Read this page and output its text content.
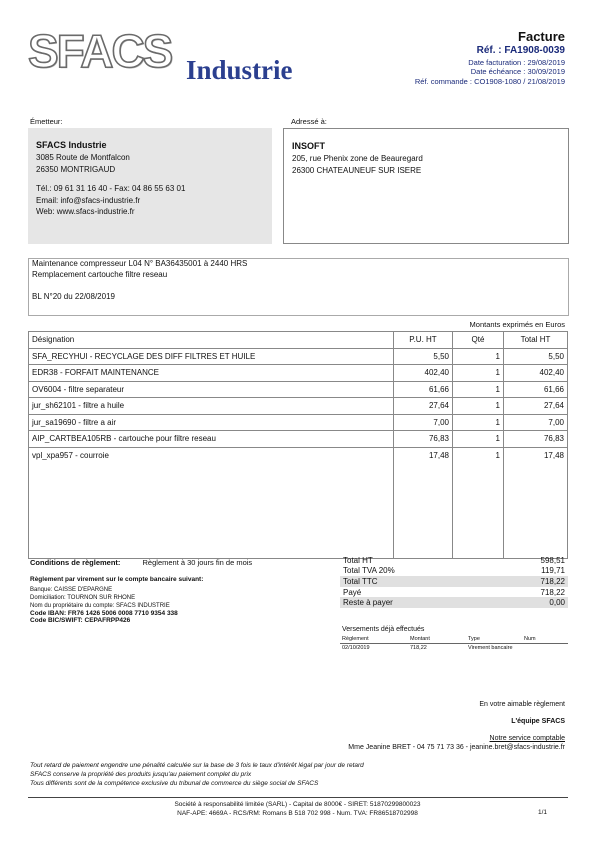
SFACS Industrie
Facture
Réf. : FA1908-0039
Date facturation : 29/08/2019
Date échéance : 30/09/2019
Réf. commande : CO1908-1080 / 21/08/2019
Émetteur:
SFACS Industrie
3085 Route de Montfalcon
26350 MONTRIGAUD
Tél.: 09 61 31 16 40 - Fax: 04 86 55 63 01
Email: info@sfacs-industrie.fr
Web: www.sfacs-industrie.fr
Adressé à:
INSOFT
205, rue Phenix zone de Beauregard
26300 CHATEAUNEUF SUR ISERE
Maintenance compresseur L04 N° BA36435001 à 2440 HRS
Remplacement cartouche filtre reseau
BL N°20 du 22/08/2019
Montants exprimés en Euros
Désignation	P.U. HT	Qté	Total HT
SFA_RECYHUI - RECYCLAGE DES DIFF FILTRES ET HUILE	5,50	1	5,50
EDR38 - FORFAIT MAINTENANCE	402,40	1	402,40
OV6004 - filtre separateur	61,66	1	61,66
jur_sh62101 - filtre a huile	27,64	1	27,64
jur_sa19690 - filtre a air	7,00	1	7,00
AIP_CARTBEA105RB - cartouche pour filtre reseau	76,83	1	76,83
vpl_xpa957 - courroie	17,48	1	17,48

Conditions de règlement:	Règlement à 30 jours fin de mois
Règlement par virement sur le compte bancaire suivant:
Banque: CAISSE D'EPARGNE
Domiciliation: TOURNON SUR RHONE
Nom du propriétaire du compte: SFACS INDUSTRIE
Code IBAN: FR76 1426 5006 0008 7710 9354 338
Code BIC/SWIFT: CEPAFRPP426
Total HT	598,51
Total TVA 20%	119,71
Total TTC	718,22
Payé	718,22
Reste à payer	0,00
Versements déjà effectués
Règlement	Montant	Type	Num
02/10/2019	718,22	Virement bancaire	
En votre aimable règlement
L'équipe SFACS
Notre service comptable
Mme Jeanine BRET - 04 75 71 73 36 - jeanine.bret@sfacs-industrie.fr
Tout retard de paiement engendre une pénalité calculée sur la base de 3 fois le taux d'intérêt légal par jour de retard
SFACS conserve la propriété des produits jusqu'au paiement complet du prix
Tous différents sont de la compétence exclusive du tribunal de commerce du siège social de SFACS
Société à responsabilité limitée (SARL) - Capital de 8000€ - SIRET: 51870299800023
NAF-APE: 4669A - RCS/RM: Romans B 518 702 998 - Num. TVA: FR86518702998	1/1
